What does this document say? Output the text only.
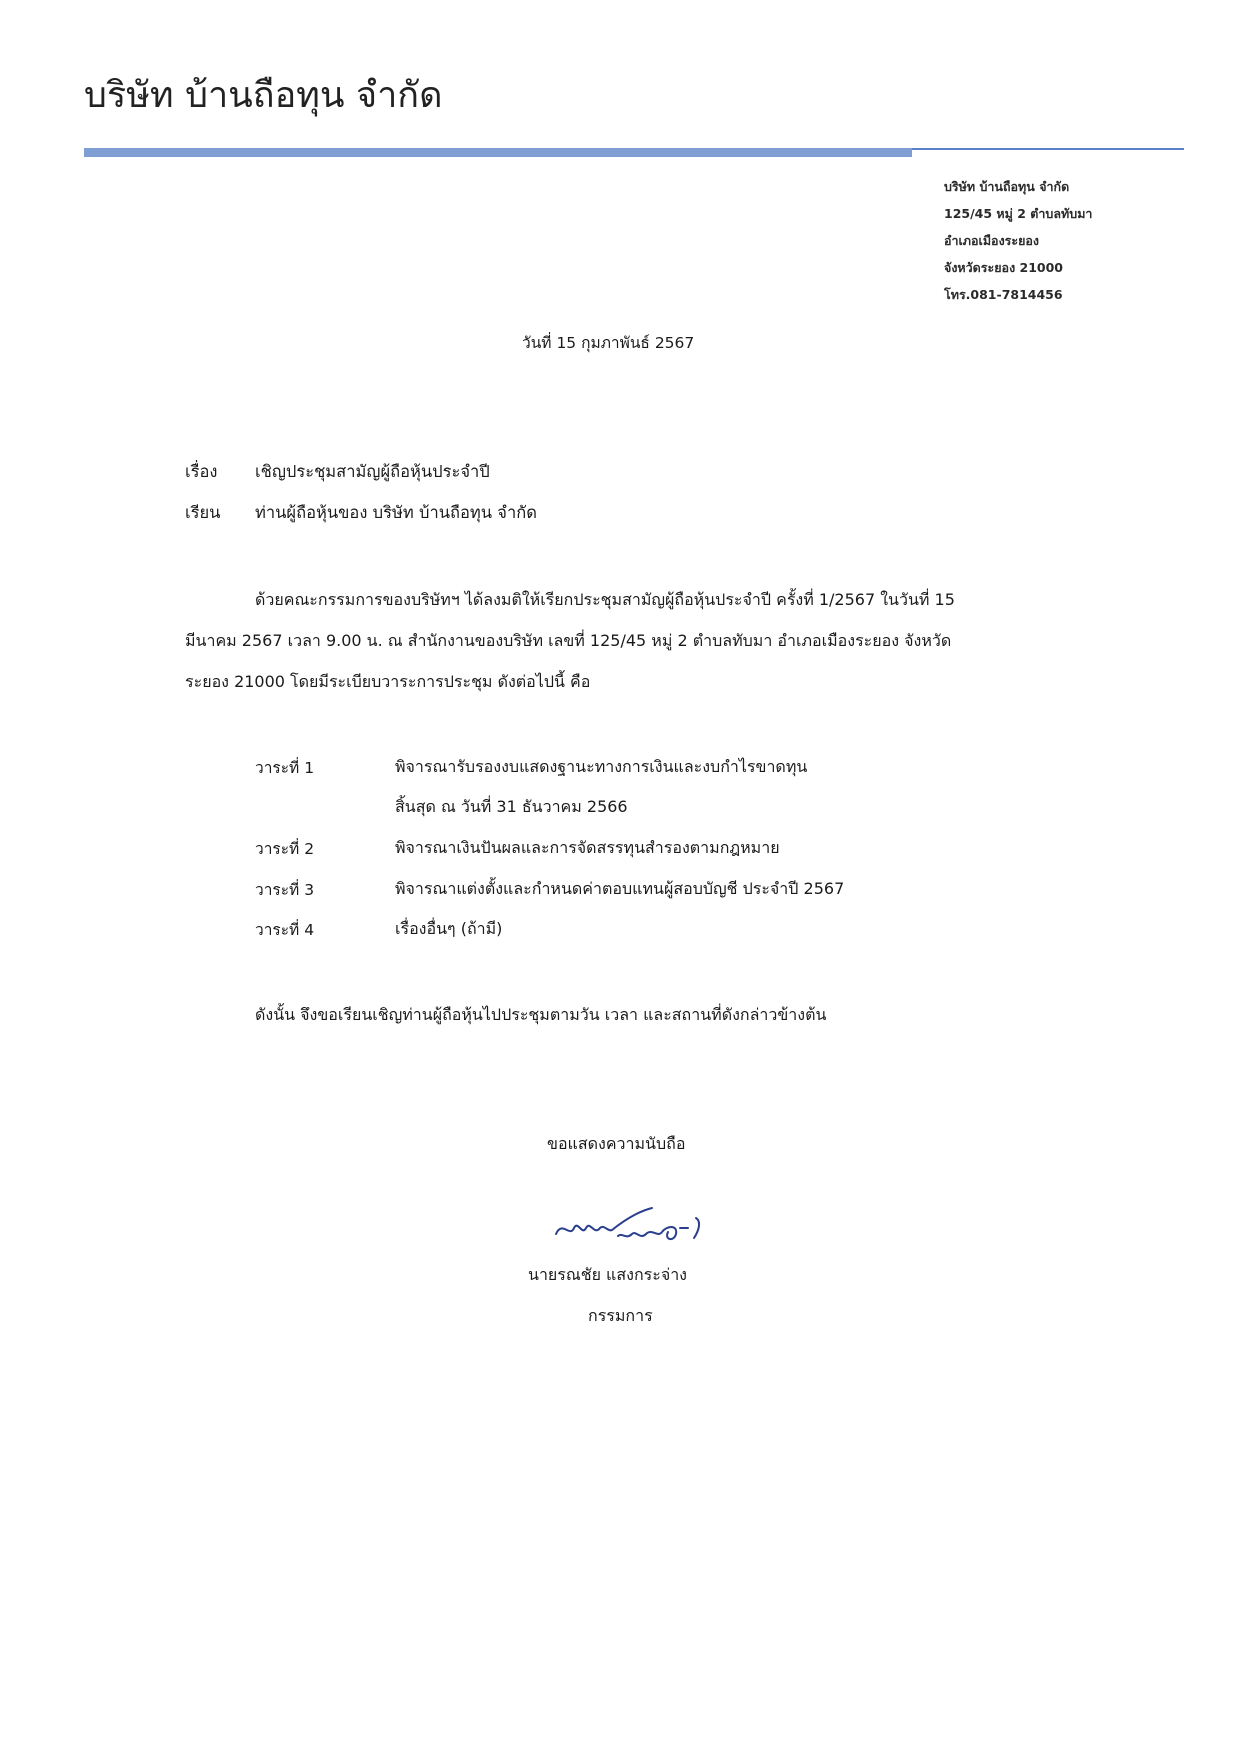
บริษัท บ้านถือทุน จำกัด
บริษัท บ้านถือทุน จำกัด
125/45 หมู่ 2 ตำบลทับมา
อำเภอเมืองระยอง
จังหวัดระยอง 21000
โทร.081-7814456
วันที่ 15 กุมภาพันธ์ 2567
เรื่อง เชิญประชุมสามัญผู้ถือหุ้นประจำปี
เรียน ท่านผู้ถือหุ้นของ บริษัท บ้านถือทุน จำกัด
ด้วยคณะกรรมการของบริษัทฯ ได้ลงมติให้เรียกประชุมสามัญผู้ถือหุ้นประจำปี ครั้งที่ 1/2567 ในวันที่ 15
มีนาคม 2567 เวลา 9.00 น. ณ สำนักงานของบริษัท เลขที่ 125/45 หมู่ 2 ตำบลทับมา อำเภอเมืองระยอง จังหวัด
ระยอง 21000 โดยมีระเบียบวาระการประชุม ดังต่อไปนี้ คือ
วาระที่ 1	พิจารณารับรองงบแสดงฐานะทางการเงินและงบกำไรขาดทุน
สิ้นสุด ณ วันที่ 31 ธันวาคม 2566
วาระที่ 2	พิจารณาเงินปันผลและการจัดสรรทุนสำรองตามกฎหมาย
วาระที่ 3	พิจารณาแต่งตั้งและกำหนดค่าตอบแทนผู้สอบบัญชี ประจำปี 2567
วาระที่ 4	เรื่องอื่นๆ (ถ้ามี)
ดังนั้น จึงขอเรียนเชิญท่านผู้ถือหุ้นไปประชุมตามวัน เวลา และสถานที่ดังกล่าวข้างต้น
ขอแสดงความนับถือ
นายรณชัย แสงกระจ่าง
กรรมการ
